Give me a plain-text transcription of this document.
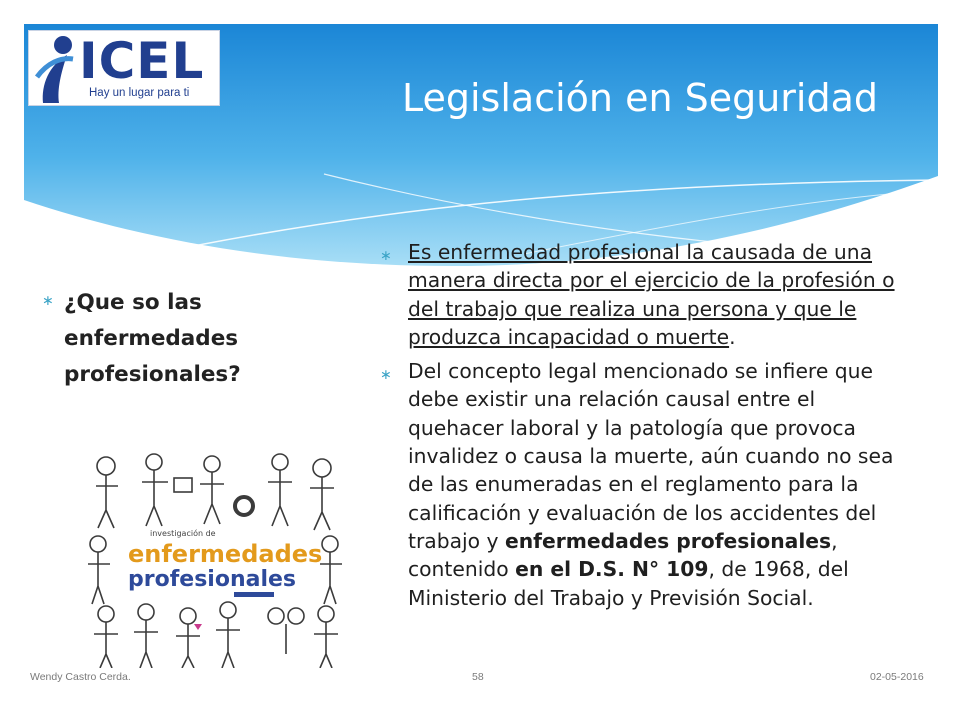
ICEL
Hay un lugar para ti	Legislación en Seguridad
∗ ¿Que so las enfermedades profesionales?
investigación de
enfermedades
profesionales
∗ Es enfermedad profesional la causada de una manera directa por el ejercicio de la profesión o del trabajo que realiza una persona y que le produzca incapacidad o muerte.
∗ Del concepto legal mencionado se infiere que debe existir una relación causal entre el quehacer laboral y la patología que provoca invalidez o causa la muerte, aún cuando no sea de las enumeradas en el reglamento para la calificación y evaluación de los accidentes del trabajo y enfermedades profesionales, contenido en el D.S. N° 109, de 1968, del Ministerio del Trabajo y Previsión Social.
Wendy Castro Cerda.	58	02-05-2016
